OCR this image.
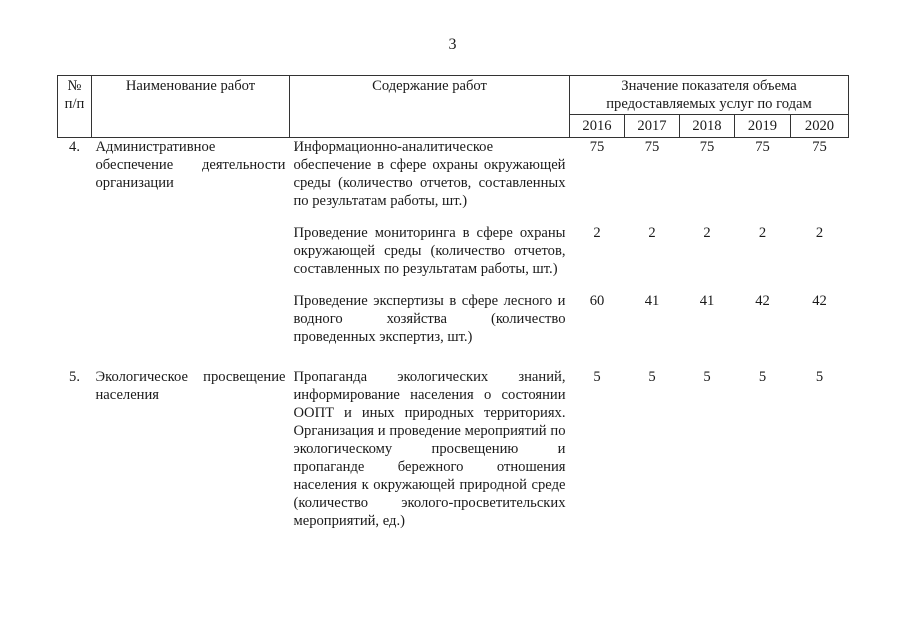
3
№ п/п	Наименование работ	Содержание работ	Значение показателя объема предоставляемых услуг по годам				
			2016	2017	2018	2019	2020
4.	Административное обеспечение деятельности организации	Информационно-аналитическое обеспечение в сфере охраны окружающей среды (количество отчетов, составленных по результатам работы, шт.)	75	75	75	75	75

		Проведение мониторинга в сфере охраны окружающей среды (количество отчетов, составленных по результатам работы, шт.)	2	2	2	2	2

		Проведение экспертизы в сфере лесного и водного хозяйства (количество проведенных экспертиз, шт.)	60	41	41	42	42

5.	Экологическое просвещение населения	Пропаганда экологических знаний, информирование населения о состоянии ООПТ и иных природных территориях. Организация и проведение мероприятий по экологическому просвещению и пропаганде бережного отношения населения к окружающей природной среде (количество эколого-просветительских мероприятий, ед.)	5	5	5	5	5
